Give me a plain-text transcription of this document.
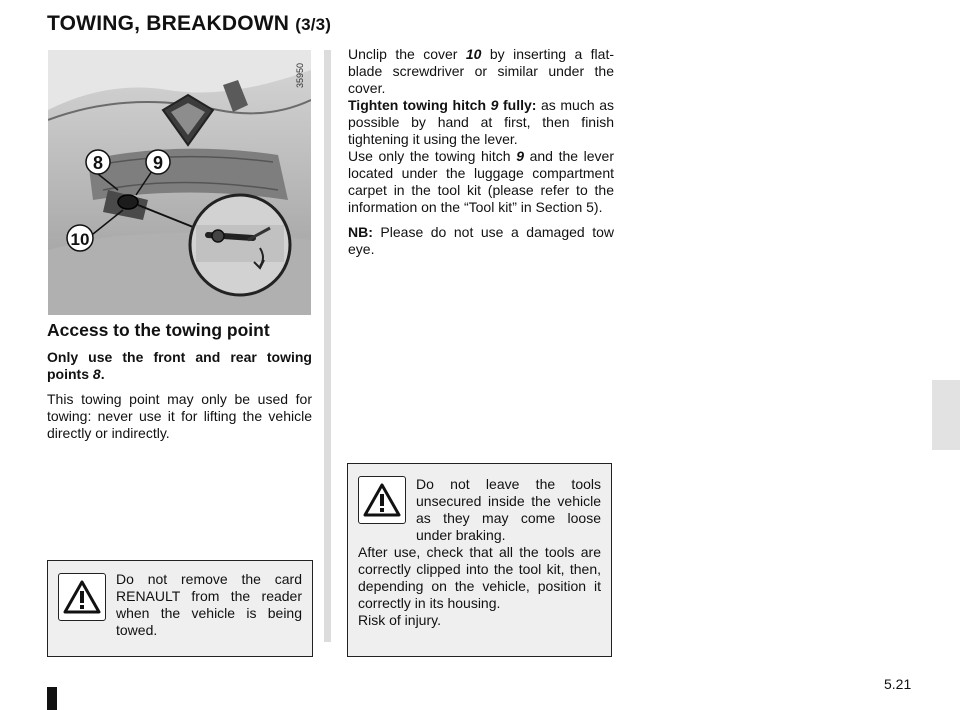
TOWING, BREAKDOWN (3/3)
8	9
10
35950
Access to the towing point

Only use the front and rear towing points 8.

This towing point may only be used for towing: never use it for lifting the vehicle directly or indirectly.

Unclip the cover 10 by inserting a flat-blade screwdriver or similar under the cover.

Tighten towing hitch 9 fully: as much as possible by hand at first, then finish tightening it using the lever.

Use only the towing hitch 9 and the lever located under the luggage compartment carpet in the tool kit (please refer to the information on the “Tool kit” in Section 5).

NB: Please do not use a damaged tow eye.

Do not remove the card RENAULT from the reader when the vehicle is being towed.
Do not leave the tools unsecured inside the vehicle as they may come loose under braking.
After use, check that all the tools are correctly clipped into the tool kit, then, depending on the vehicle, position it correctly in its housing.
Risk of injury.
5.21
